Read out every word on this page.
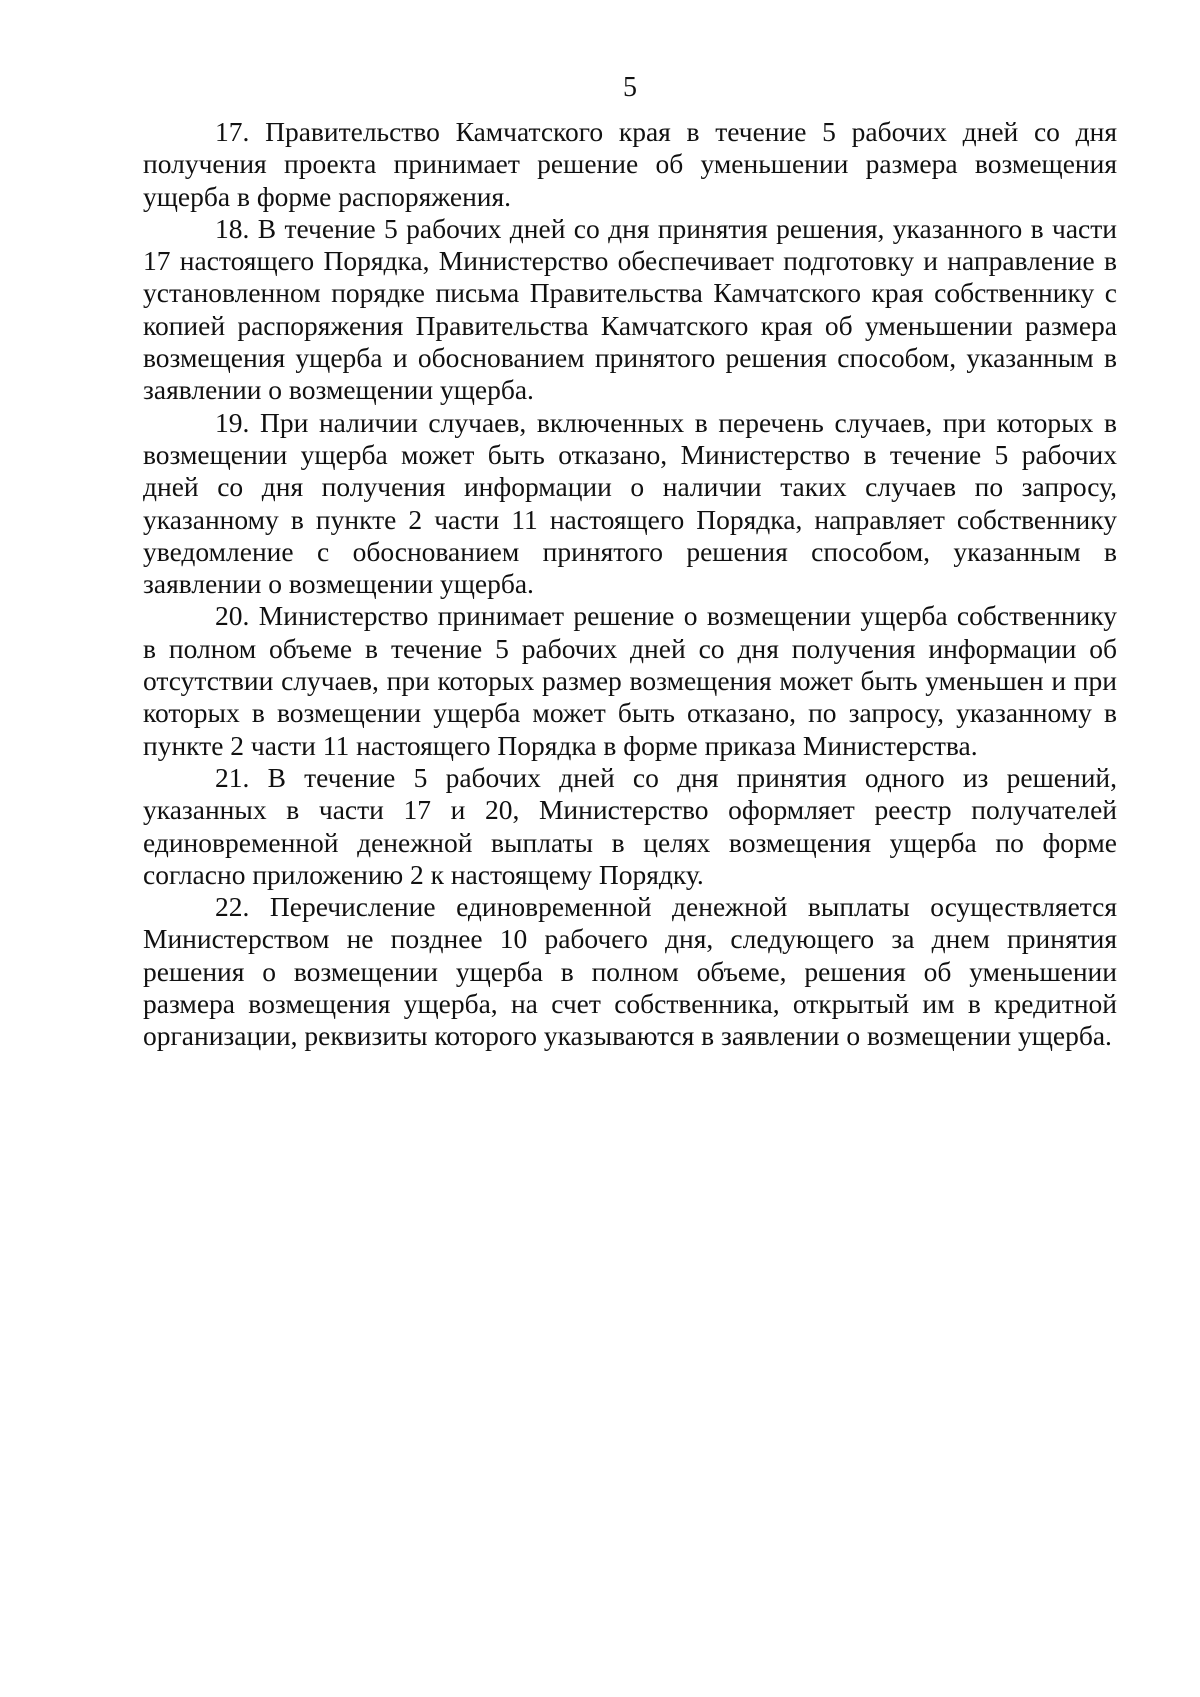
5

17. Правительство Камчатского края в течение 5 рабочих дней со дня получения проекта принимает решение об уменьшении размера возмещения ущерба в форме распоряжения.

18. В течение 5 рабочих дней со дня принятия решения, указанного в части 17 настоящего Порядка, Министерство обеспечивает подготовку и направление в установленном порядке письма Правительства Камчатского края собственнику с копией распоряжения Правительства Камчатского края об уменьшении размера возмещения ущерба и обоснованием принятого решения способом, указанным в заявлении о возмещении ущерба.

19. При наличии случаев, включенных в перечень случаев, при которых в возмещении ущерба может быть отказано, Министерство в течение 5 рабочих дней со дня получения информации о наличии таких случаев по запросу, указанному в пункте 2 части 11 настоящего Порядка, направляет собственнику уведомление с обоснованием принятого решения способом, указанным в заявлении о возмещении ущерба.

20. Министерство принимает решение о возмещении ущерба собственнику в полном объеме в течение 5 рабочих дней со дня получения информации об отсутствии случаев, при которых размер возмещения может быть уменьшен и при которых в возмещении ущерба может быть отказано, по запросу, указанному в пункте 2 части 11 настоящего Порядка в форме приказа Министерства.

21. В течение 5 рабочих дней со дня принятия одного из решений, указанных в части 17 и 20, Министерство оформляет реестр получателей единовременной денежной выплаты в целях возмещения ущерба по форме согласно приложению 2 к настоящему Порядку.

22. Перечисление единовременной денежной выплаты осуществляется Министерством не позднее 10 рабочего дня, следующего за днем принятия решения о возмещении ущерба в полном объеме, решения об уменьшении размера возмещения ущерба, на счет собственника, открытый им в кредитной организации, реквизиты которого указываются в заявлении о возмещении ущерба.
